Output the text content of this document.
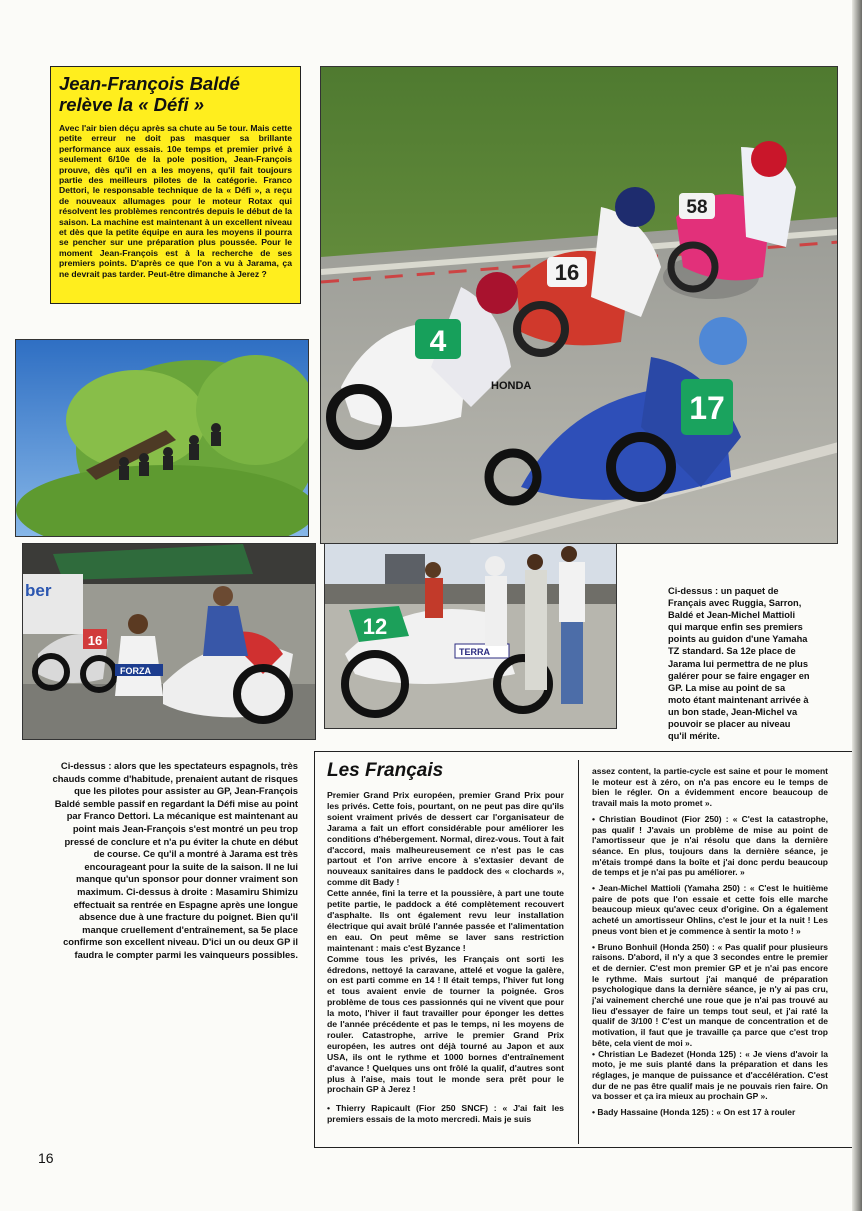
Jean-François Baldé
relève la « Défi »

Avec l'air bien déçu après sa chute au 5e tour. Mais cette petite erreur ne doit pas masquer sa brillante performance aux essais. 10e temps et premier privé à seulement 6/10e de la pole position, Jean-François prouve, dès qu'il en a les moyens, qu'il fait toujours partie des meilleurs pilotes de la catégorie. Franco Dettori, le responsable technique de la « Défi », a reçu de nouveaux allumages pour le moteur Rotax qui résolvent les problèmes rencontrés depuis le début de la saison. La machine est maintenant à un excellent niveau et dès que la petite équipe en aura les moyens il pourra se pencher sur une préparation plus poussée. Pour le moment Jean-François est à la recherche de ses premiers points. D'après ce que l'on a vu à Jarama, ça ne devrait pas tarder. Peut-être dimanche à Jerez ?

58
16
4
HONDA
17
ber
16
FORZA
12
TERRA

Ci-dessus : un paquet de Français avec Ruggia, Sarron, Baldé et Jean-Michel Mattioli qui marque enfin ses premiers points au guidon d'une Yamaha TZ standard. Sa 12e place de Jarama lui permettra de ne plus galérer pour se faire engager en GP. La mise au point de sa moto étant maintenant arrivée à un bon stade, Jean-Michel va pouvoir se placer au niveau qu'il mérite.

Ci-dessus : alors que les spectateurs espagnols, très chauds comme d'habitude, prenaient autant de risques que les pilotes pour assister au GP, Jean-François Baldé semble passif en regardant la Défi mise au point par Franco Dettori. La mécanique est maintenant au point mais Jean-François s'est montré un peu trop pressé de conclure et n'a pu éviter la chute en début de course. Ce qu'il a montré à Jarama est très encourageant pour la suite de la saison. Il ne lui manque qu'un sponsor pour donner vraiment son maximum. Ci-dessus à droite : Masamiru Shimizu effectuait sa rentrée en Espagne après une longue absence due à une fracture du poignet. Bien qu'il manque cruellement d'entraînement, sa 5e place confirme son excellent niveau. D'ici un ou deux GP il faudra le compter parmi les vainqueurs possibles.

Les Français

Premier Grand Prix européen, premier Grand Prix pour les privés. Cette fois, pourtant, on ne peut pas dire qu'ils soient vraiment privés de dessert car l'organisateur de Jarama a fait un effort considérable pour améliorer les conditions d'hébergement. Normal, direz-vous. Tout à fait d'accord, mais malheureusement ce n'est pas le cas partout et l'on arrive encore à s'extasier devant de nouveaux sanitaires dans le paddock des « clochards », comme dit Bady !

Cette année, fini la terre et la poussière, à part une toute petite partie, le paddock a été complètement recouvert d'asphalte. Ils ont également revu leur installation électrique qui avait brûlé l'année passée et l'alimentation en eau. On peut même se laver sans restriction maintenant : mais c'est Byzance !

Comme tous les privés, les Français ont sorti les édredons, nettoyé la caravane, attelé et vogue la galère, on est parti comme en 14 ! Il était temps, l'hiver fut long et tous avaient envie de tourner la poignée. Gros problème de tous ces passionnés qui ne vivent que pour la moto, l'hiver il faut travailler pour éponger les dettes de l'année précédente et pas le temps, ni les moyens de rouler. Catastrophe, arrive le premier Grand Prix européen, les autres ont déjà tourné au Japon et aux USA, ils ont le rythme et 1000 bornes d'entraînement d'avance ! Quelques uns ont frôlé la qualif, d'autres sont plus à l'aise, mais tout le monde sera prêt pour le prochain GP à Jerez !

• Thierry Rapicault (Fior 250 SNCF) : « J'ai fait les premiers essais de la moto mercredi. Mais je suis

assez content, la partie-cycle est saine et pour le moment le moteur est à zéro, on n'a pas encore eu le temps de bien le régler. On a évidemment encore beaucoup de travail mais la moto promet ».

• Christian Boudinot (Fior 250) : « C'est la catastrophe, pas qualif ! J'avais un problème de mise au point de l'amortisseur que je n'ai résolu que dans la dernière séance. En plus, toujours dans la dernière séance, je m'étais trompé dans la boîte et j'ai donc perdu beaucoup de temps et je n'ai pas pu améliorer. »

• Jean-Michel Mattioli (Yamaha 250) : « C'est le huitième paire de pots que l'on essaie et cette fois elle marche beaucoup mieux qu'avec ceux d'origine. On a également acheté un amortisseur Ohlins, c'est le jour et la nuit ! Les pneus vont bien et je commence à sentir la moto ! »

• Bruno Bonhuil (Honda 250) : « Pas qualif pour plusieurs raisons. D'abord, il n'y a que 3 secondes entre le premier et de dernier. C'est mon premier GP et je n'ai pas encore le rythme. Mais surtout j'ai manqué de préparation psychologique dans la dernière séance, je n'y ai pas cru, j'ai vainement cherché une roue que je n'ai pas trouvé au lieu d'essayer de faire un temps tout seul, et j'ai raté la qualif de 3/100 ! C'est un manque de concentration et de motivation, il faut que je travaille ça parce que c'est trop bête, cela vient de moi ».

• Christian Le Badezet (Honda 125) : « Je viens d'avoir la moto, je me suis planté dans la préparation et dans les réglages, je manque de puissance et d'accélération. C'est dur de ne pas être qualif mais je ne pouvais rien faire. On va bosser et ça ira mieux au prochain GP ».

• Bady Hassaine (Honda 125) : « On est 17 à rouler

16
